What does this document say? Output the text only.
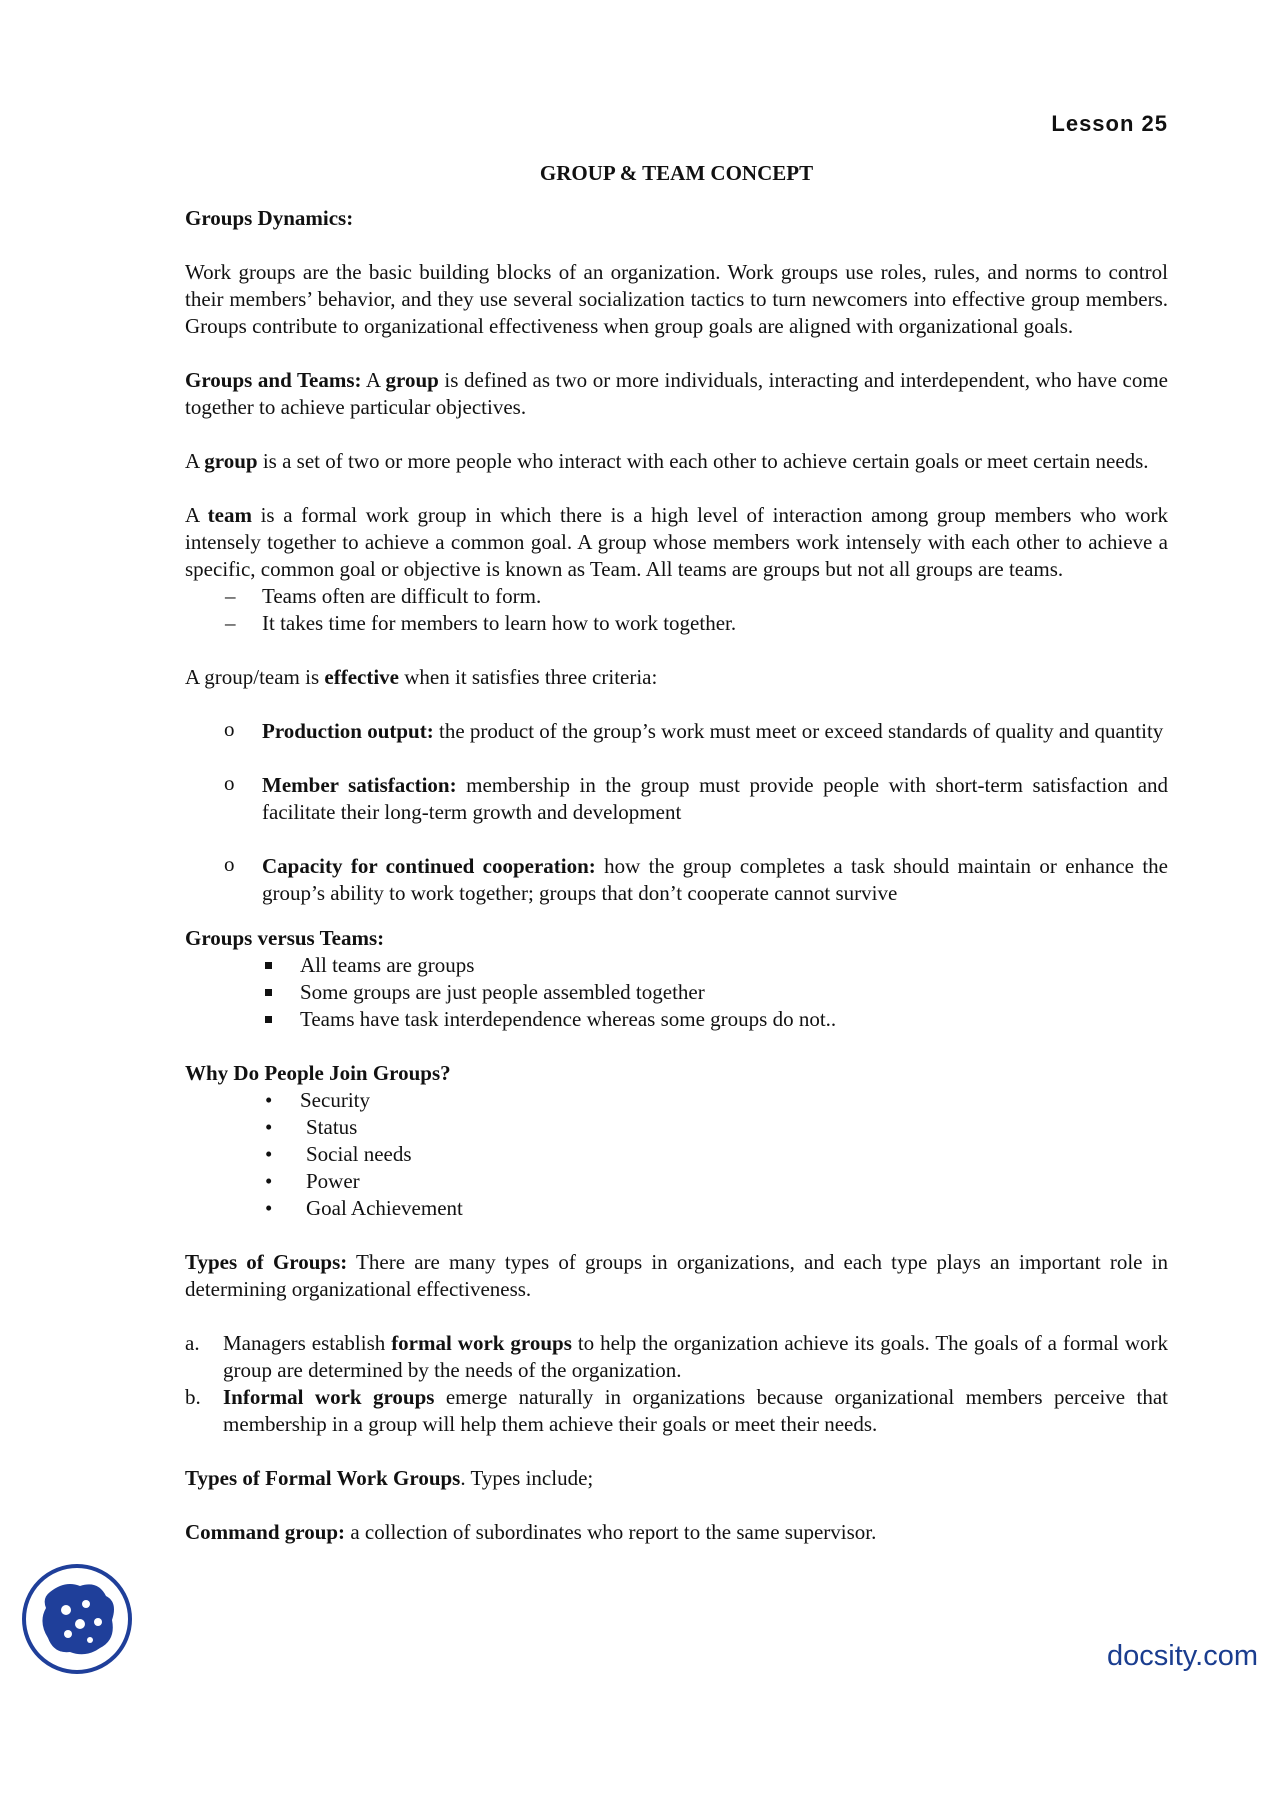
docsity.com
Lesson 25
GROUP & TEAM CONCEPT
Groups Dynamics:

Work groups are the basic building blocks of an organization. Work groups use roles, rules, and norms to control their members’ behavior, and they use several socialization tactics to turn newcomers into effective group members. Groups contribute to organizational effectiveness when group goals are aligned with organizational goals.

Groups and Teams: A group is defined as two or more individuals, interacting and interdependent, who have come together to achieve particular objectives.

A group is a set of two or more people who interact with each other to achieve certain goals or meet certain needs.

A team is a formal work group in which there is a high level of interaction among group members who work intensely together to achieve a common goal. A group whose members work intensely with each other to achieve a specific, common goal or objective is known as Team. All teams are groups but not all groups are teams.

– Teams often are difficult to form.
– It takes time for members to learn how to work together.

A group/team is effective when it satisfies three criteria:

o Production output: the product of the group’s work must meet or exceed standards of quality and quantity
o Member satisfaction: membership in the group must provide people with short-term satisfaction and facilitate their long-term growth and development
o Capacity for continued cooperation: how the group completes a task should maintain or enhance the group’s ability to work together; groups that don’t cooperate cannot survive
Groups versus Teams:
All teams are groups
Some groups are just people assembled together
Teams have task interdependence whereas some groups do not..
Why Do People Join Groups?
• Security
• Status
• Social needs
• Power
• Goal Achievement

Types of Groups: There are many types of groups in organizations, and each type plays an important role in determining organizational effectiveness.

a. Managers establish formal work groups to help the organization achieve its goals. The goals of a formal work group are determined by the needs of the organization.
b. Informal work groups emerge naturally in organizations because organizational members perceive that membership in a group will help them achieve their goals or meet their needs.

Types of Formal Work Groups. Types include;

Command group: a collection of subordinates who report to the same supervisor.
